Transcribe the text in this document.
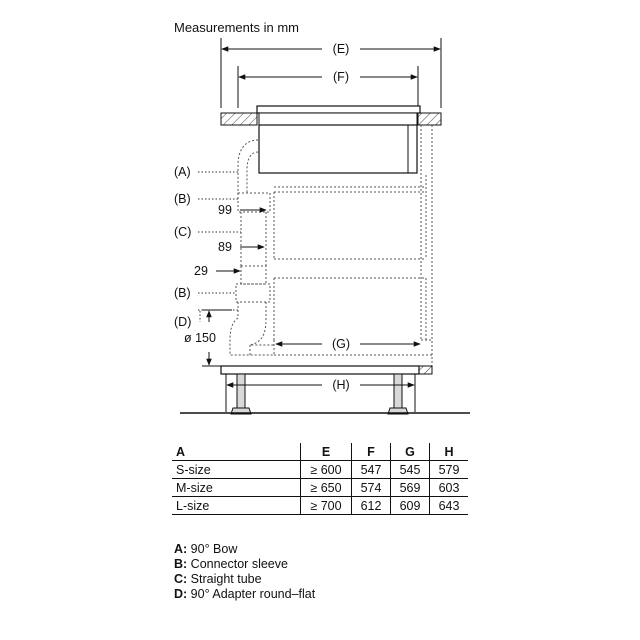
Measurements in mm
(E)
(F)
(G)
(H)
(A)
(B)
99
(C)
89
29
(B)
(D)
ø 150
A	E	F	G	H
S-size	≥ 600	547	545	579
M-size	≥ 650	574	569	603
L-size	≥ 700	612	609	643
A: 90° Bow
B: Connector sleeve
C: Straight tube
D: 90° Adapter round–flat
